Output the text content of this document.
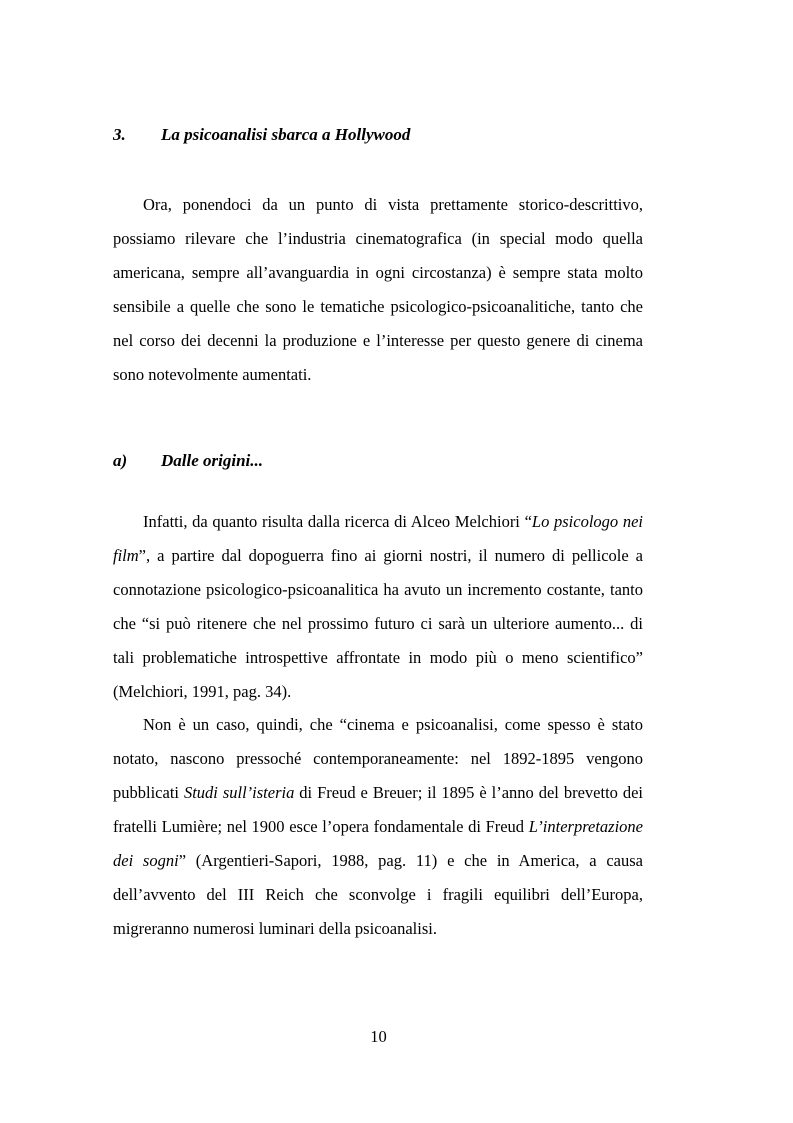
3. La psicoanalisi sbarca a Hollywood

Ora, ponendoci da un punto di vista prettamente storico-descrittivo, possiamo rilevare che l’industria cinematografica (in special modo quella americana, sempre all’avanguardia in ogni circostanza) è sempre stata molto sensibile a quelle che sono le tematiche psicologico-psicoanalitiche, tanto che nel corso dei decenni la produzione e l’interesse per questo genere di cinema sono notevolmente aumentati.

a) Dalle origini...

Infatti, da quanto risulta dalla ricerca di Alceo Melchiori “Lo psicologo nei film”, a partire dal dopoguerra fino ai giorni nostri, il numero di pellicole a connotazione psicologico-psicoanalitica ha avuto un incremento costante, tanto che “si può ritenere che nel prossimo futuro ci sarà un ulteriore aumento... di tali problematiche introspettive affrontate in modo più o meno scientifico” (Melchiori, 1991, pag. 34).

Non è un caso, quindi, che “cinema e psicoanalisi, come spesso è stato notato, nascono pressoché contemporaneamente: nel 1892-1895 vengono pubblicati Studi sull’isteria di Freud e Breuer; il 1895 è l’anno del brevetto dei fratelli Lumière; nel 1900 esce l’opera fondamentale di Freud L’interpretazione dei sogni” (Argentieri-Sapori, 1988, pag. 11) e che in America, a causa dell’avvento del III Reich che sconvolge i fragili equilibri dell’Europa, migreranno numerosi luminari della psicoanalisi.

10
